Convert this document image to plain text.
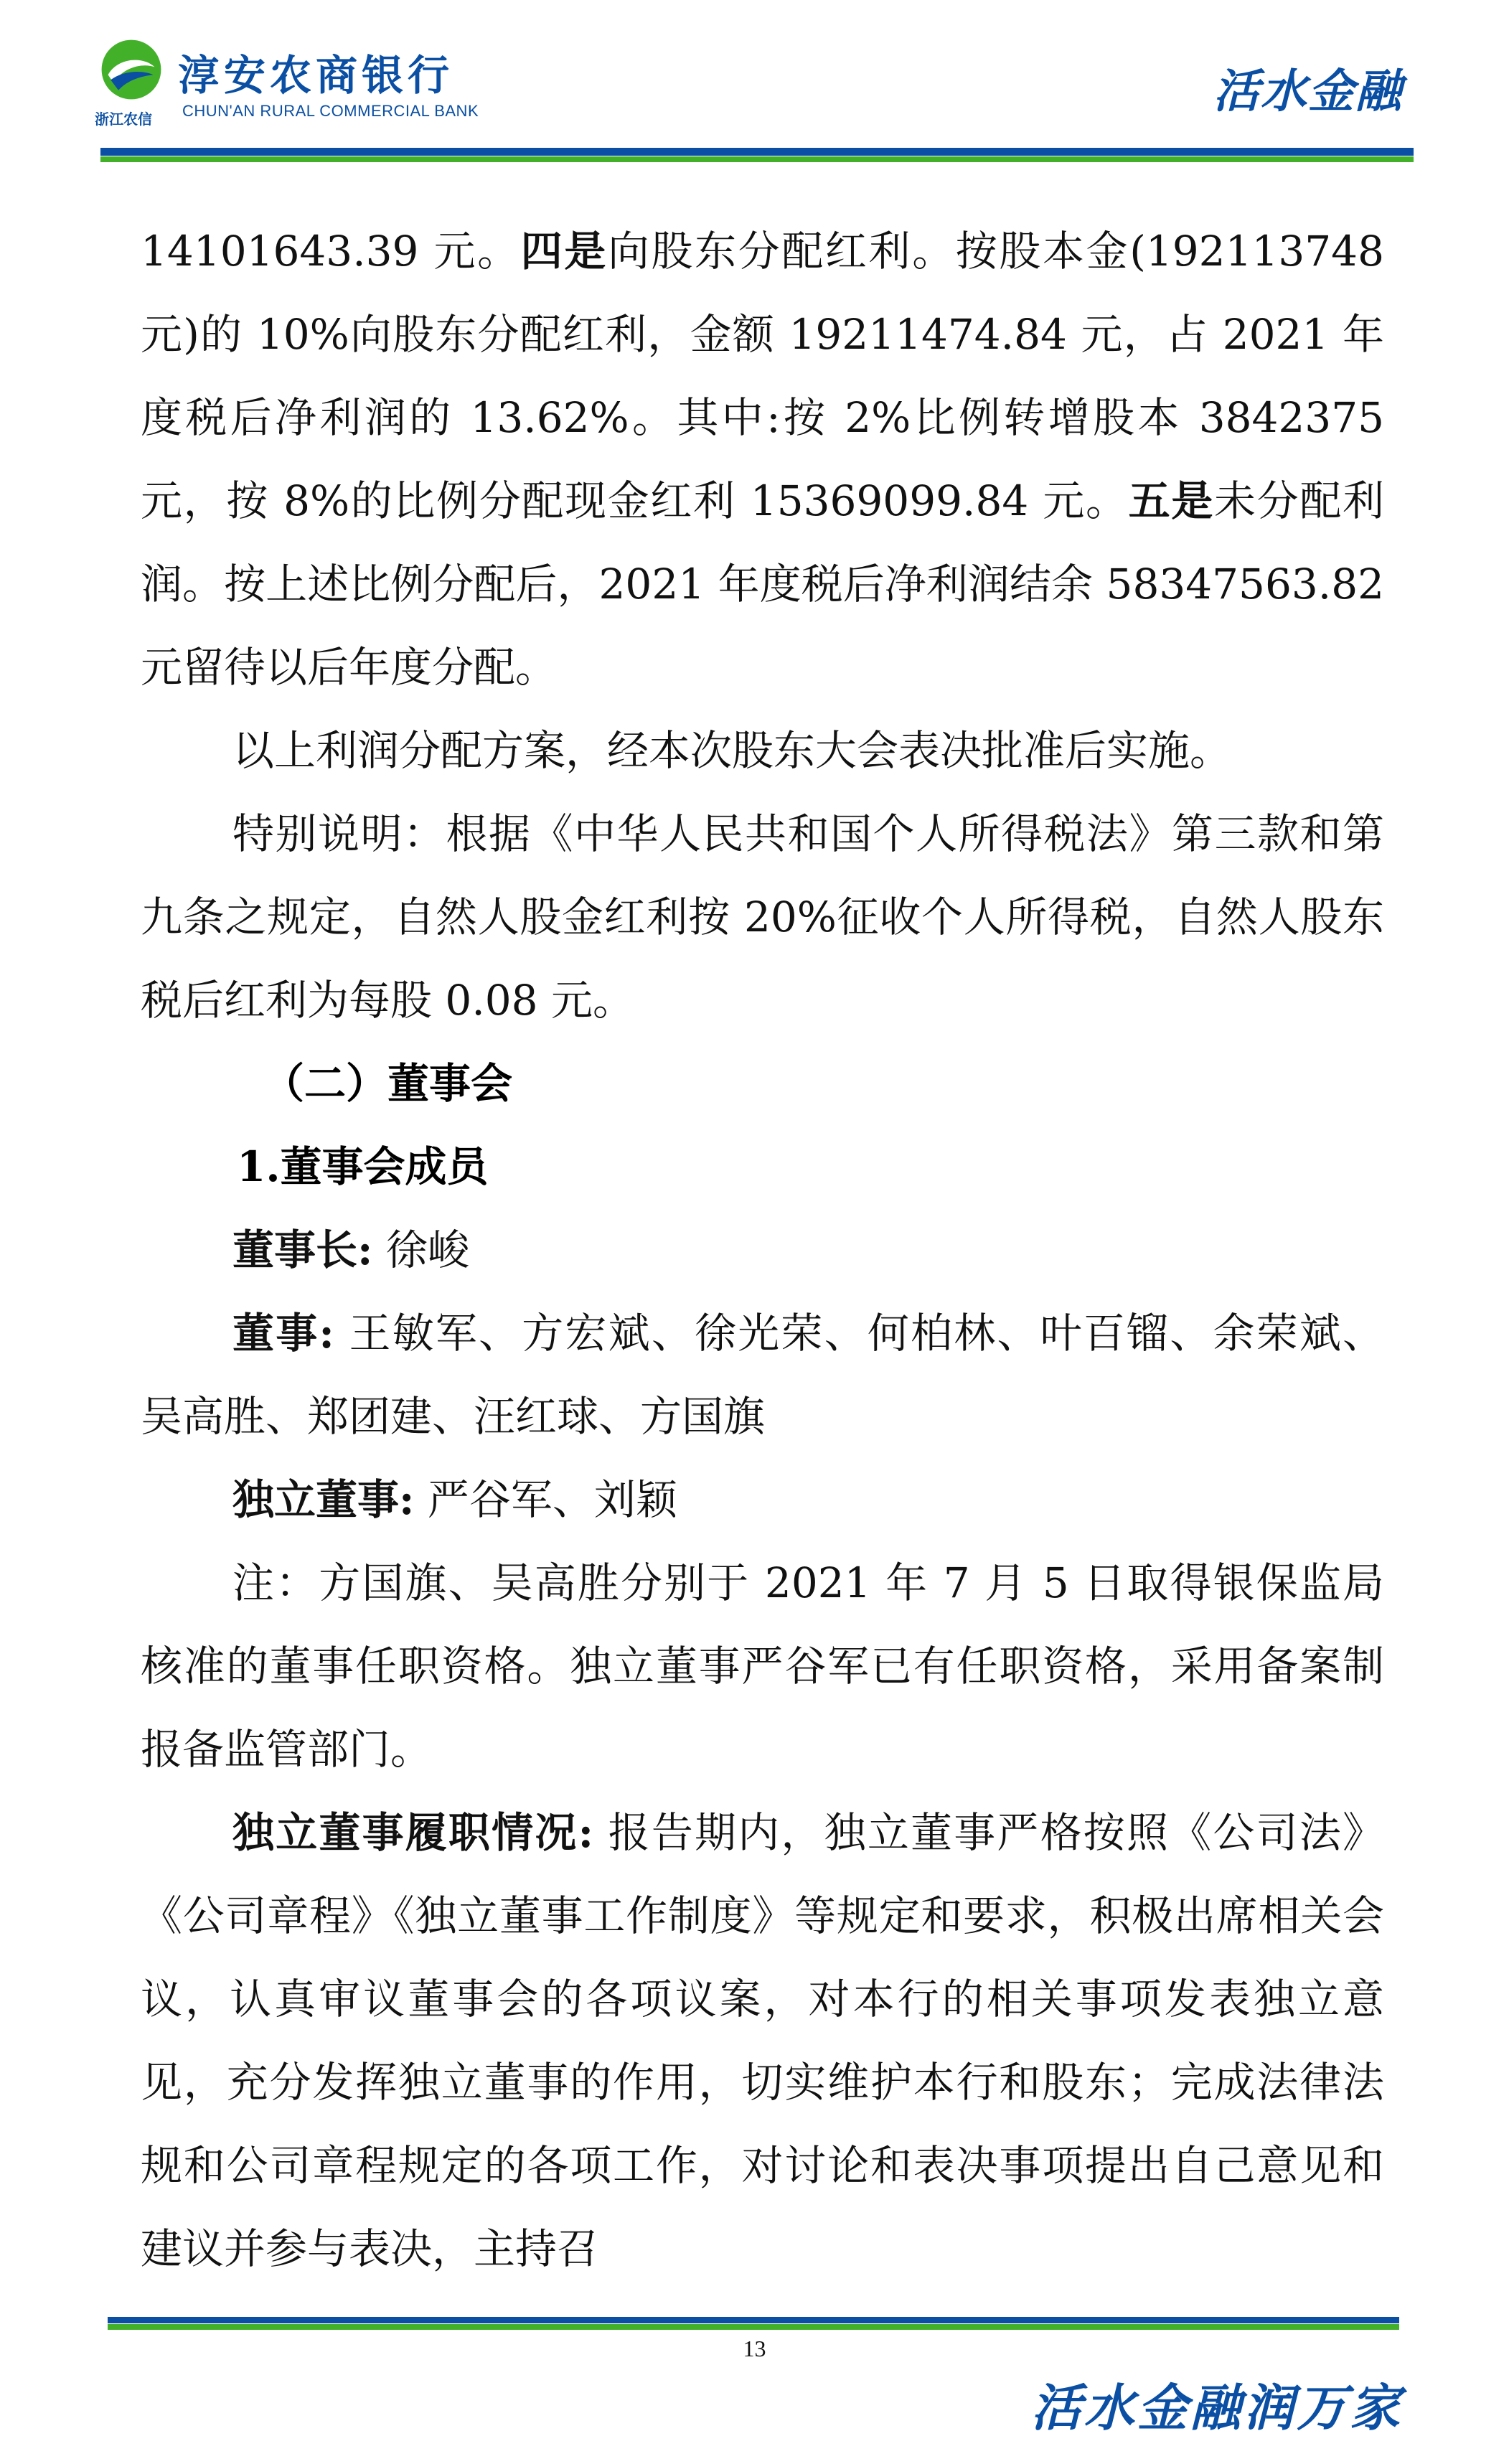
浙江农信
淳安农商银行
CHUN'AN RURAL COMMERCIAL BANK	活水金融

14101643.39 元。四是向股东分配红利。按股本金(192113748 元)的 10%向股东分配红利，金额 19211474.84 元，占 2021 年度税后净利润的 13.62%。其中:按 2%比例转增股本 3842375 元，按 8%的比例分配现金红利 15369099.84 元。五是未分配利润。按上述比例分配后，2021 年度税后净利润结余 58347563.82 元留待以后年度分配。

以上利润分配方案，经本次股东大会表决批准后实施。

特别说明：根据《中华人民共和国个人所得税法》第三款和第九条之规定，自然人股金红利按 20%征收个人所得税，自然人股东税后红利为每股 0.08 元。

（二）董事会

1.董事会成员

董事长: 徐峻

董事: 王敏军、方宏斌、徐光荣、何柏林、叶百镏、余荣斌、吴高胜、郑团建、汪红球、方国旗

独立董事: 严谷军、刘颖

注：方国旗、吴高胜分别于 2021 年 7 月 5 日取得银保监局核准的董事任职资格。独立董事严谷军已有任职资格，采用备案制报备监管部门。

独立董事履职情况: 报告期内，独立董事严格按照《公司法》《公司章程》《独立董事工作制度》等规定和要求，积极出席相关会议，认真审议董事会的各项议案，对本行的相关事项发表独立意见，充分发挥独立董事的作用，切实维护本行和股东；完成法律法规和公司章程规定的各项工作，对讨论和表决事项提出自己意见和建议并参与表决，主持召

13
活水金融润万家
